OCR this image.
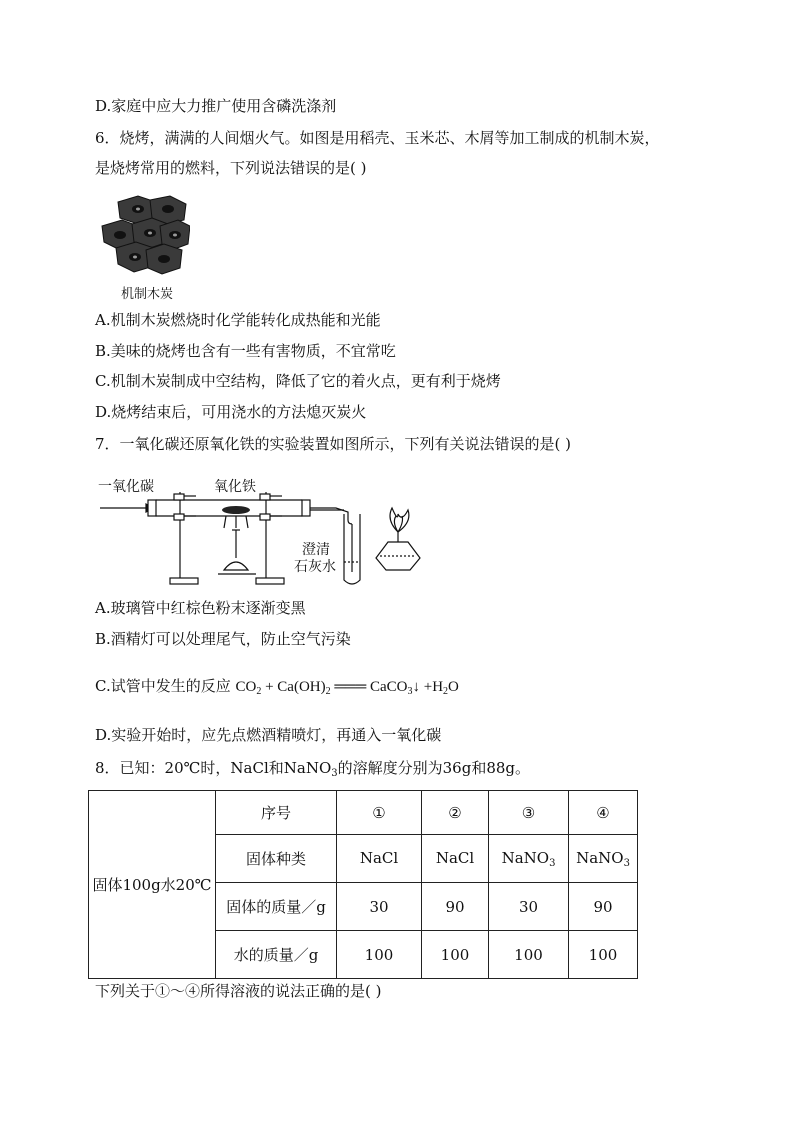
D.家庭中应大力推广使用含磷洗涤剂
6．烧烤，满满的人间烟火气。如图是用稻壳、玉米芯、木屑等加工制成的机制木炭，
是烧烤常用的燃料，下列说法错误的是( )
机制木炭
A.机制木炭燃烧时化学能转化成热能和光能
B.美味的烧烤也含有一些有害物质，不宜常吃
C.机制木炭制成中空结构，降低了它的着火点，更有利于烧烤
D.烧烤结束后，可用浇水的方法熄灭炭火
7．一氧化碳还原氧化铁的实验装置如图所示，下列有关说法错误的是( )
一氧化碳	氧化铁
澄清
石灰水
A.玻璃管中红棕色粉末逐渐变黑
B.酒精灯可以处理尾气，防止空气污染
C.试管中发生的反应 $CO_2 + Ca(OH)_2$ ═══ CaCO$_3$↓ $+H_2O$
D.实验开始时，应先点燃酒精喷灯，再通入一氧化碳
8．已知：20℃时，NaCl和NaNO$_3$的溶解度分别为36g和88g。
固体100g水20℃	序号	①	②	③	④
	固体种类	NaCl	NaCl	NaNO$_3$	NaNO$_3$
	固体的质量／g	30	90	30	90
	水的质量／g	100	100	100	100
下列关于①～④所得溶液的说法正确的是( )
